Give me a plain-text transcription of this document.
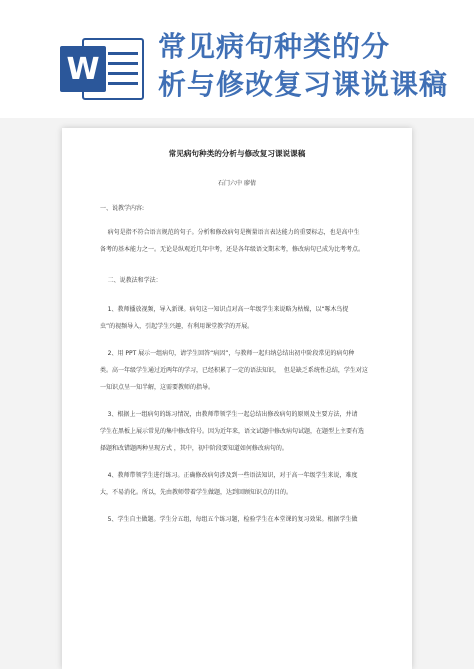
W
常见病句种类的分
析与修改复习课说课稿
常见病句种类的分析与修改复习课说课稿
石门六中 廖倩
一、说教学内容:
病句是指不符合语言规范的句子。分析和修改病句是衡量语言表达能力的重要标志，也是高中生
备考的基本能力之一。无论是纵观近几年中考，还是各年级语文期末考，修改病句已成为比考考点。
二、说教法和学法：
1、教师播放视频，导入新课。病句这一知识点对高一年级学生来说略为枯燥，以“啄木鸟捉
虫”的视频导入，引起学生兴趣，有利用课堂教学的开展。
2、用 PPT 展示一组病句，请学生回答“病因”，与教师一起归纳总结出初中阶段常见的病句种
类。高一年级学生通过近两年的学习，已经积累了一定的语法知识，  但是缺乏系统性总结，学生对这
一知识点呈一知半解，这需要教师的指导。
3、根据上一组病句的练习情况，由教师带领学生一起总结出修改病句的原则及主要方法，并请
学生在黑板上展示常见的集中修改符号。因为近年来，语文试题中修改病句试题，在题型上主要有选
择题和改错题两种呈现方式 ，其中，初中阶段要知道如何修改病句的。
4、教师带领学生进行练习。正确修改病句涉及到一些语法知识，对于高一年级学生来说，难度
大，不易消化。所以，先由教师带着学生做题，达到回顾知识点的目的。
5、学生自主做题。学生分五组，每组五个练习题，检验学生在本堂课的复习效果。根据学生做
